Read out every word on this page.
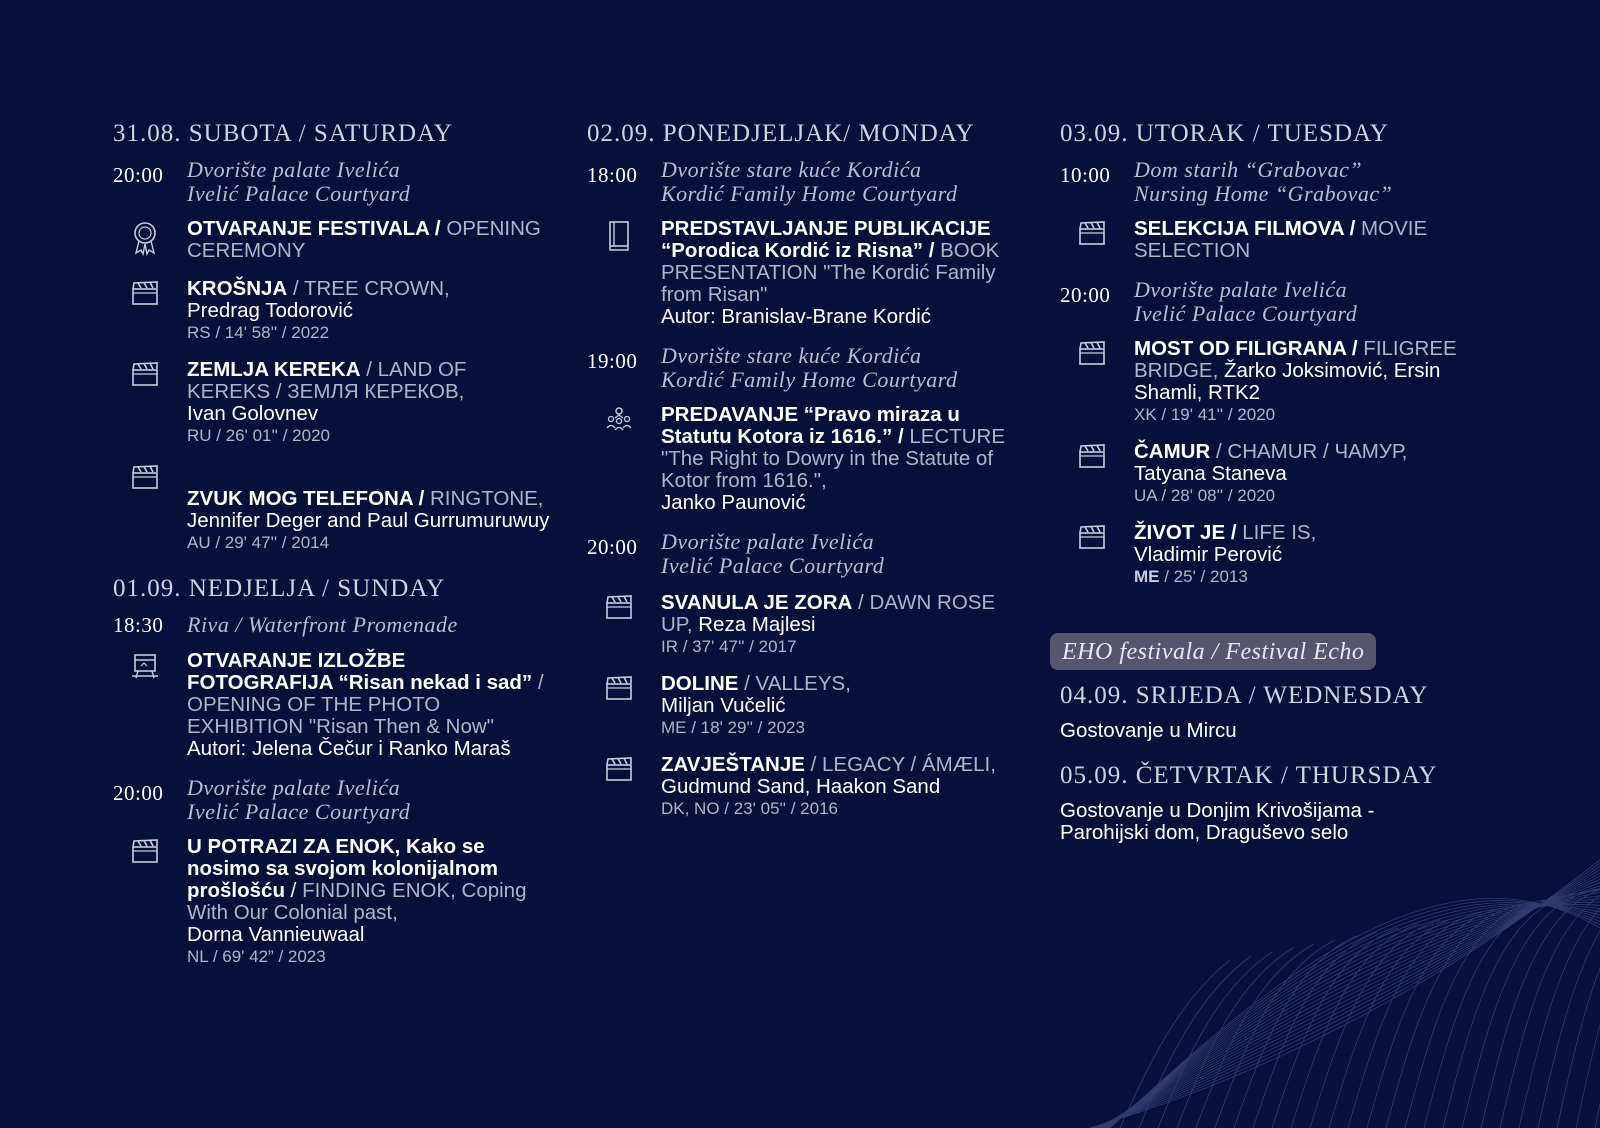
31.08. SUBOTA / SATURDAY
20:00	Dvorište palate Ivelića
Ivelić Palace Courtyard
OTVARANJE FESTIVALA / OPENING CEREMONY
KROŠNJA / TREE CROWN,
Predrag Todorović
RS / 14' 58'' / 2022
ZEMLJA KEREKA / LAND OF KEREKS / ЗЕМЛЯ КЕРЕКОВ,
Ivan Golovnev
RU / 26' 01'' / 2020
ZVUK MOG TELEFONA / RINGTONE, Jennifer Deger and Paul Gurrumuruwuy
AU / 29' 47'' / 2014
01.09. NEDJELJA / SUNDAY
18:30	Riva / Waterfront Promenade
OTVARANJE IZLOŽBE FOTOGRAFIJA “Risan nekad i sad” / OPENING OF THE PHOTO EXHIBITION "Risan Then & Now"
Autori: Jelena Čečur i Ranko Maraš
20:00	Dvorište palate Ivelića
Ivelić Palace Courtyard
U POTRAZI ZA ENOK, Kako se nosimo sa svojom kolonijalnom prošlošću / FINDING ENOK, Coping With Our Colonial past,
Dorna Vannieuwaal
NL / 69' 42” / 2023
02.09. PONEDJELJAK/ MONDAY
18:00	Dvorište stare kuće Kordića
Kordić Family Home Courtyard
PREDSTAVLJANJE PUBLIKACIJE “Porodica Kordić iz Risna” / BOOK PRESENTATION "The Kordić Family from Risan"
Autor: Branislav-Brane Kordić
19:00	Dvorište stare kuće Kordića
Kordić Family Home Courtyard
PREDAVANJE “Pravo miraza u Statutu Kotora iz 1616.” / LECTURE "The Right to Dowry in the Statute of Kotor from 1616.",
Janko Paunović
20:00	Dvorište palate Ivelića
Ivelić Palace Courtyard
SVANULA JE ZORA / DAWN ROSE UP, Reza Majlesi
IR / 37' 47'' / 2017
DOLINE / VALLEYS,
Miljan Vučelić
ME / 18' 29'' / 2023
ZAVJEŠTANJE / LEGACY / ÁMÆLI, Gudmund Sand, Haakon Sand
DK, NO / 23' 05'' / 2016
03.09. UTORAK / TUESDAY
10:00	Dom starih “Grabovac”
Nursing Home “Grabovac”
SELEKCIJA FILMOVA / MOVIE SELECTION
20:00	Dvorište palate Ivelića
Ivelić Palace Courtyard
MOST OD FILIGRANA / FILIGREE BRIDGE, Žarko Joksimović, Ersin Shamli, RTK2
XK / 19' 41'' / 2020
ČAMUR / CHAMUR / ЧАМУР,
Tatyana Staneva
UA / 28' 08'' / 2020
ŽIVOT JE / LIFE IS,
Vladimir Perović
ME / 25' / 2013
EHO festivala / Festival Echo
04.09. SRIJEDA / WEDNESDAY
Gostovanje u Mircu
05.09. ČETVRTAK / THURSDAY
Gostovanje u Donjim Krivošijama - Parohijski dom, Draguševo selo
